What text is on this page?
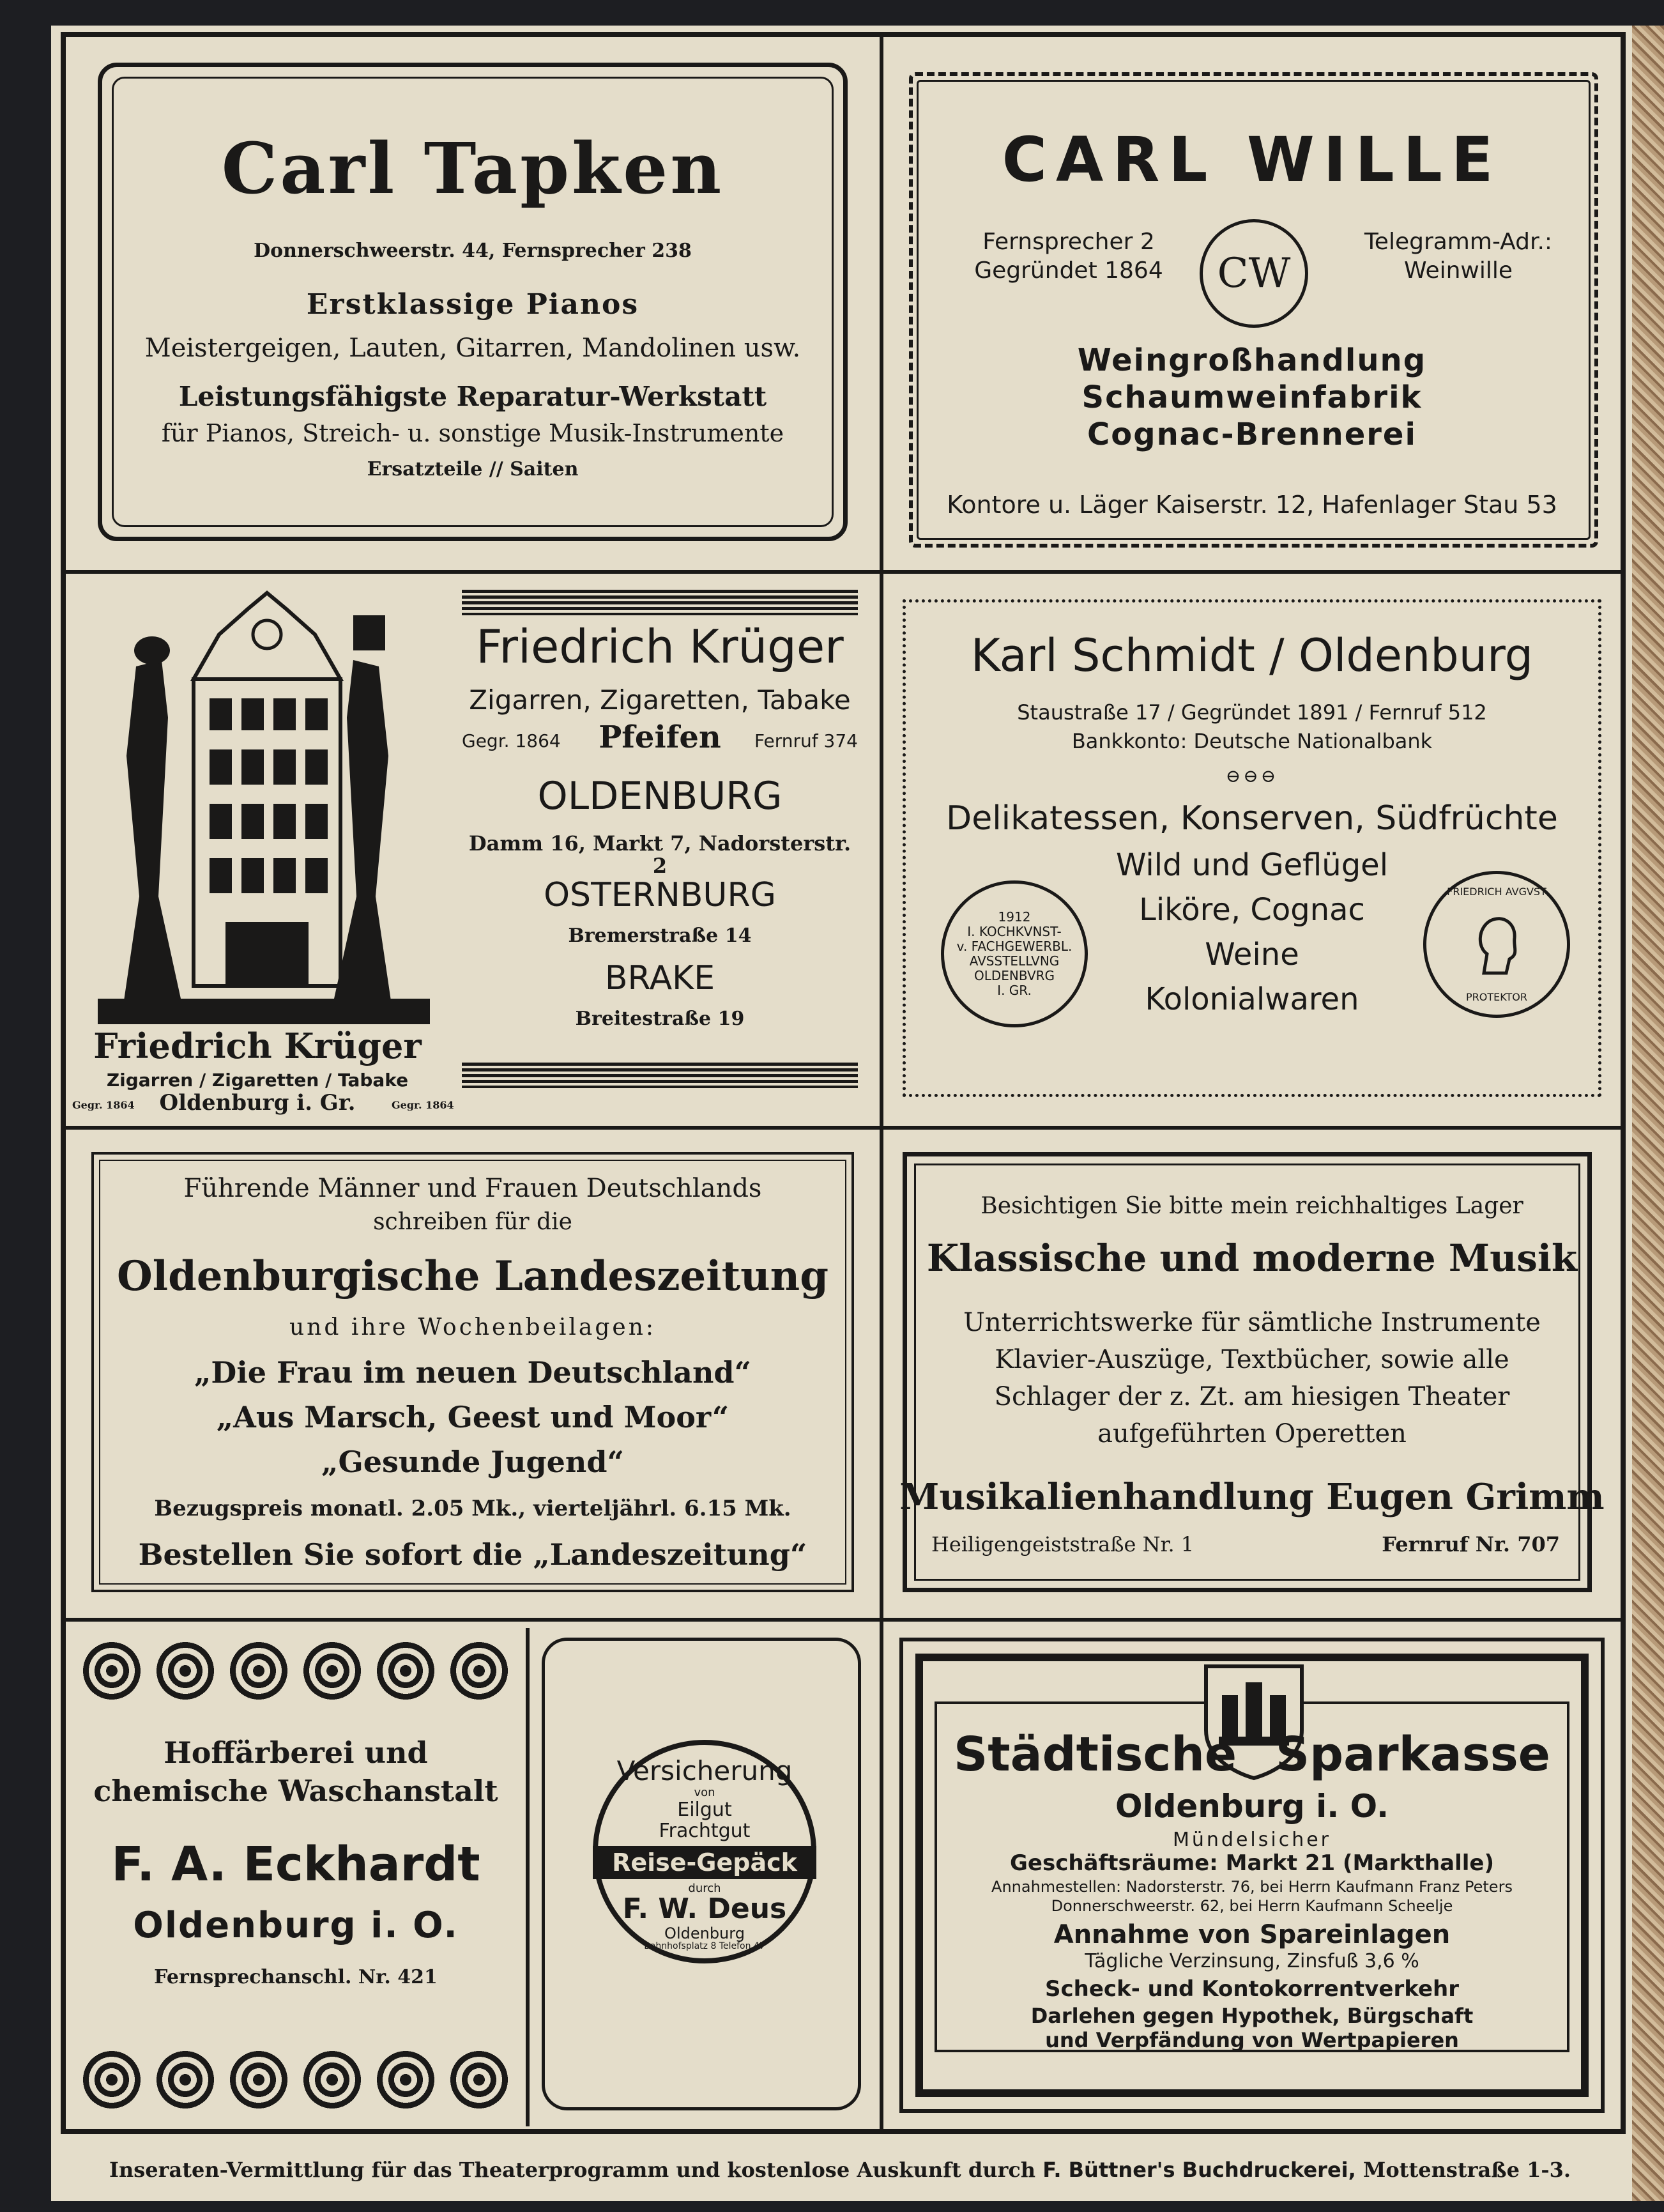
Carl Tapken

Donnerschweerstr. 44, Fernsprecher 238

Erstklassige Pianos

Meistergeigen, Lauten, Gitarren, Mandolinen usw.

Leistungsfähigste Reparatur-Werkstatt

für Pianos, Streich- u. sonstige Musik-Instrumente

Ersatzteile // Saiten

CARL WILLE

Fernsprecher 2

Gegründet 1864	CW

Telegramm-Adr.:

Weinwille

Weingroßhandlung

Schaumweinfabrik

Cognac-Brennerei

Kontore u. Läger Kaiserstr. 12, Hafenlager Stau 53

Friedrich Krüger

Zigarren / Zigaretten / Tabake

Gegr. 1864	Oldenburg i. Gr.	Gegr. 1864

Friedrich Krüger

Zigarren, Zigaretten, Tabake

Gegr. 1864	Pfeifen	Fernruf 374

OLDENBURG

Damm 16, Markt 7, Nadorsterstr. 2

OSTERNBURG

Bremerstraße 14

BRAKE

Breitestraße 19

Karl Schmidt / Oldenburg

Staustraße 17 / Gegründet 1891 / Fernruf 512

Bankkonto: Deutsche Nationalbank

⊖⊖⊖

Delikatessen, Konserven, Südfrüchte

Wild und Geflügel

Liköre, Cognac

Weine

Kolonialwaren

1912
I. KOCHKVNST-
v. FACHGEWERBL.
AVSSTELLVNG
OLDENBVRG
I. GR.
FRIEDRICH AVGVST
PROTEKTOR

Führende Männer und Frauen Deutschlands

schreiben für die

Oldenburgische Landeszeitung

und ihre Wochenbeilagen:

„Die Frau im neuen Deutschland“

„Aus Marsch, Geest und Moor“

„Gesunde Jugend“

Bezugspreis monatl. 2.05 Mk., vierteljährl. 6.15 Mk.

Bestellen Sie sofort die „Landeszeitung“

Besichtigen Sie bitte mein reichhaltiges Lager

Klassische und moderne Musik

Unterrichtswerke für sämtliche Instrumente

Klavier-Auszüge, Textbücher, sowie alle

Schlager der z. Zt. am hiesigen Theater

aufgeführten Operetten

Musikalienhandlung Eugen Grimm

Heiligengeiststraße Nr. 1	Fernruf Nr. 707

Hoffärberei und

chemische Waschanstalt

F. A. Eckhardt

Oldenburg i. O.

Fernsprechanschl. Nr. 421

Versicherung

von

Eilgut

Frachtgut

Reise-Gepäck

durch

F. W. Deus

Oldenburg

Bahnhofsplatz 8 Telefon 47

Städtische Sparkasse

Oldenburg i. O.

Mündelsicher

Geschäftsräume: Markt 21 (Markthalle)

Annahmestellen: Nadorsterstr. 76, bei Herrn Kaufmann Franz Peters

Donnerschweerstr. 62, bei Herrn Kaufmann Scheelje

Annahme von Spareinlagen

Tägliche Verzinsung, Zinsfuß 3,6 %

Scheck- und Kontokorrentverkehr

Darlehen gegen Hypothek, Bürgschaft

und Verpfändung von Wertpapieren

Inseraten-Vermittlung für das Theaterprogramm und kostenlose Auskunft durch F. Büttner's Buchdruckerei, Mottenstraße 1-3.
